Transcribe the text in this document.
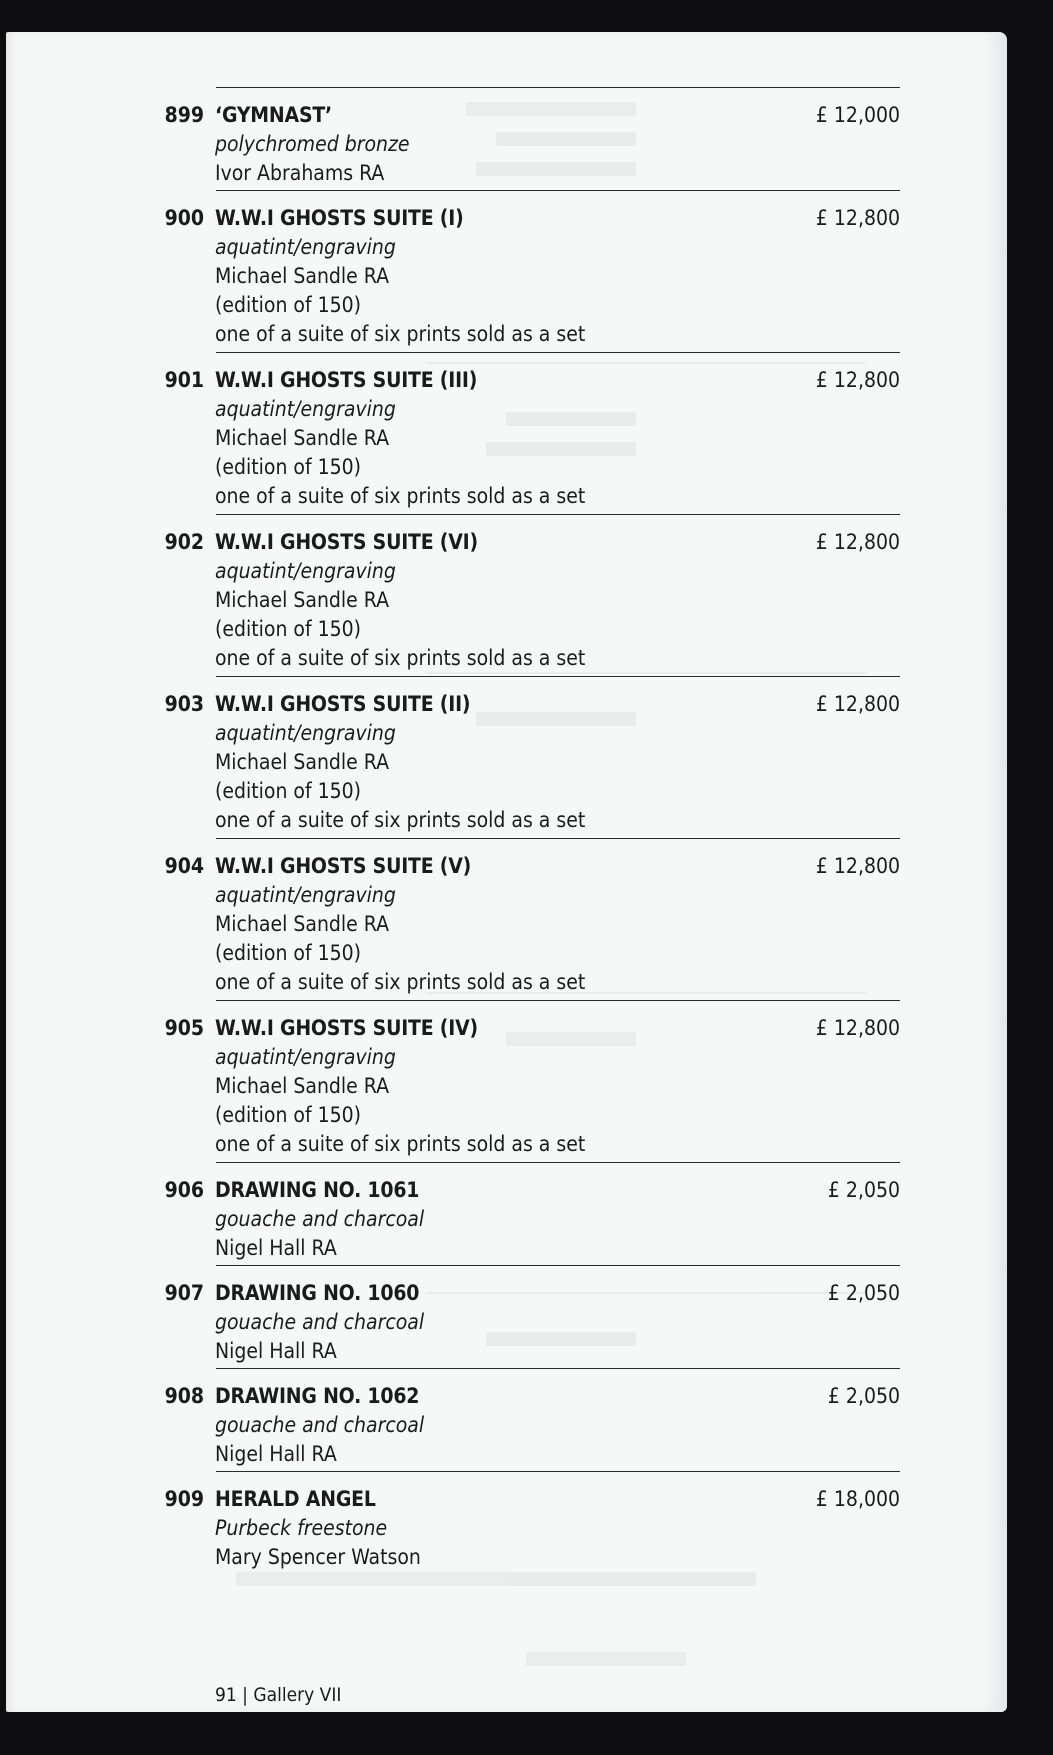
899 ‘GYMNAST’
polychromed bronze
Ivor Abrahams RA
£ 12,000
900 W.W.I GHOSTS SUITE (I)
aquatint/engraving
Michael Sandle RA
(edition of 150)
one of a suite of six prints sold as a set
£ 12,800
901 W.W.I GHOSTS SUITE (III)
aquatint/engraving
Michael Sandle RA
(edition of 150)
one of a suite of six prints sold as a set
£ 12,800
902 W.W.I GHOSTS SUITE (VI)
aquatint/engraving
Michael Sandle RA
(edition of 150)
one of a suite of six prints sold as a set
£ 12,800
903 W.W.I GHOSTS SUITE (II)
aquatint/engraving
Michael Sandle RA
(edition of 150)
one of a suite of six prints sold as a set
£ 12,800
904 W.W.I GHOSTS SUITE (V)
aquatint/engraving
Michael Sandle RA
(edition of 150)
one of a suite of six prints sold as a set
£ 12,800
905 W.W.I GHOSTS SUITE (IV)
aquatint/engraving
Michael Sandle RA
(edition of 150)
one of a suite of six prints sold as a set
£ 12,800
906 DRAWING NO. 1061
gouache and charcoal
Nigel Hall RA
£ 2,050
907 DRAWING NO. 1060
gouache and charcoal
Nigel Hall RA
£ 2,050
908 DRAWING NO. 1062
gouache and charcoal
Nigel Hall RA
£ 2,050
909 HERALD ANGEL
Purbeck freestone
Mary Spencer Watson
£ 18,000
91 | Gallery VII
